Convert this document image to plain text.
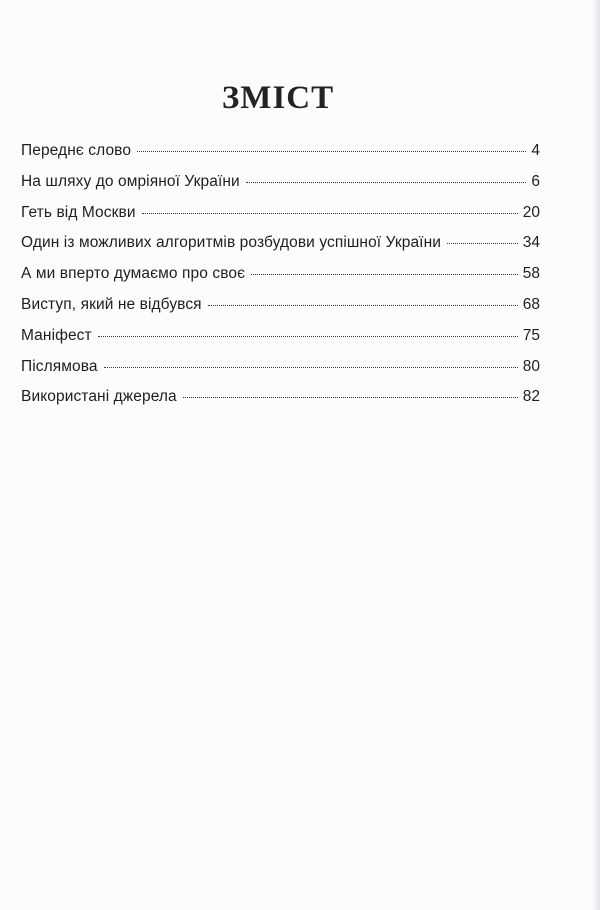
ЗМІСТ
Переднє слово	4
На шляху до омріяної України	6
Геть від Москви	20
Один із можливих алгоритмів розбудови успішної України	34
А ми вперто думаємо про своє	58
Виступ, який не відбувся	68
Маніфест	75
Післямова	80
Використані джерела	82
